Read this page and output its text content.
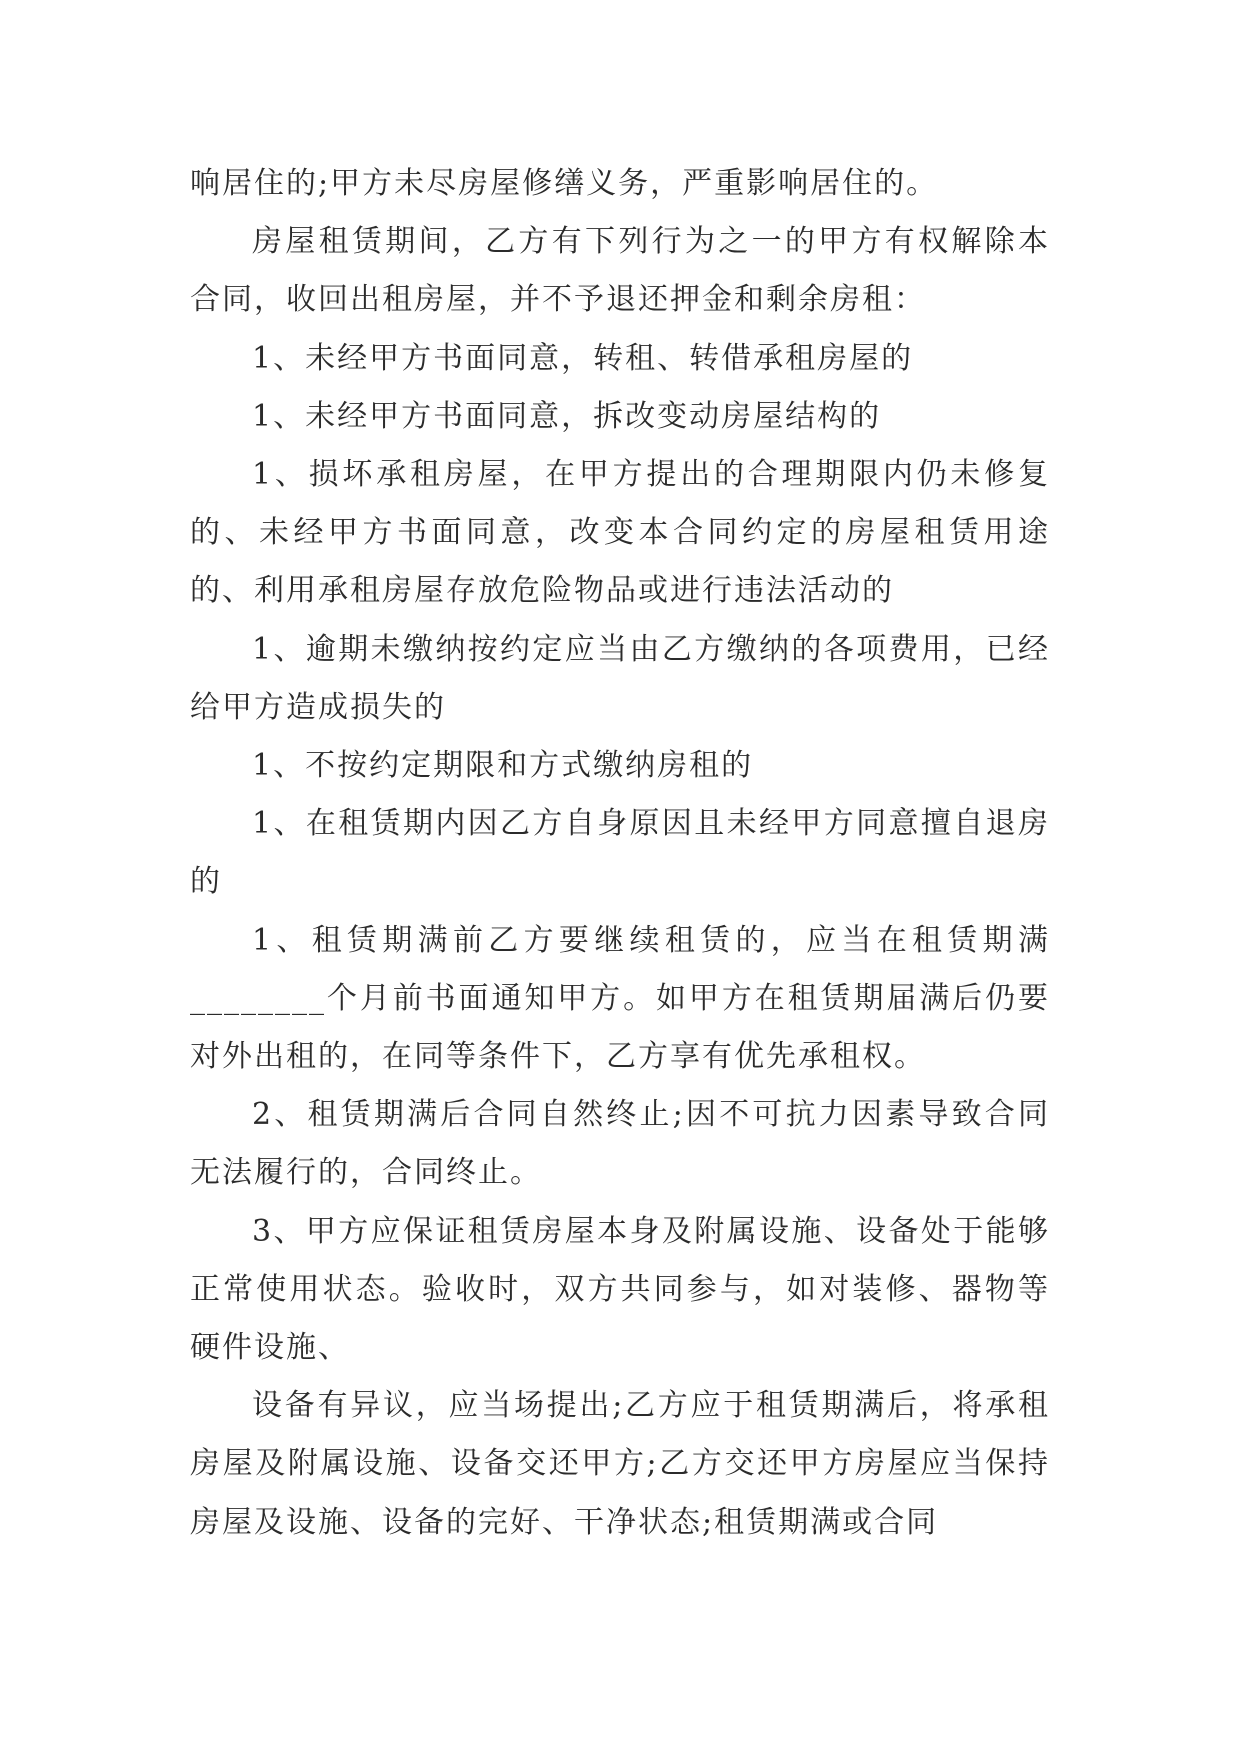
响居住的;甲方未尽房屋修缮义务，严重影响居住的。

房屋租赁期间，乙方有下列行为之一的甲方有权解除本合同，收回出租房屋，并不予退还押金和剩余房租：

1、未经甲方书面同意，转租、转借承租房屋的

1、未经甲方书面同意，拆改变动房屋结构的

1、损坏承租房屋，在甲方提出的合理期限内仍未修复的、未经甲方书面同意，改变本合同约定的房屋租赁用途的、利用承租房屋存放危险物品或进行违法活动的

1、逾期未缴纳按约定应当由乙方缴纳的各项费用，已经给甲方造成损失的

1、不按约定期限和方式缴纳房租的

1、在租赁期内因乙方自身原因且未经甲方同意擅自退房的

1、租赁期满前乙方要继续租赁的，应当在租赁期满________个月前书面通知甲方。如甲方在租赁期届满后仍要对外出租的，在同等条件下，乙方享有优先承租权。

2、租赁期满后合同自然终止;因不可抗力因素导致合同无法履行的，合同终止。

3、甲方应保证租赁房屋本身及附属设施、设备处于能够正常使用状态。验收时，双方共同参与，如对装修、器物等硬件设施、

设备有异议，应当场提出;乙方应于租赁期满后，将承租房屋及附属设施、设备交还甲方;乙方交还甲方房屋应当保持房屋及设施、设备的完好、干净状态;租赁期满或合同
